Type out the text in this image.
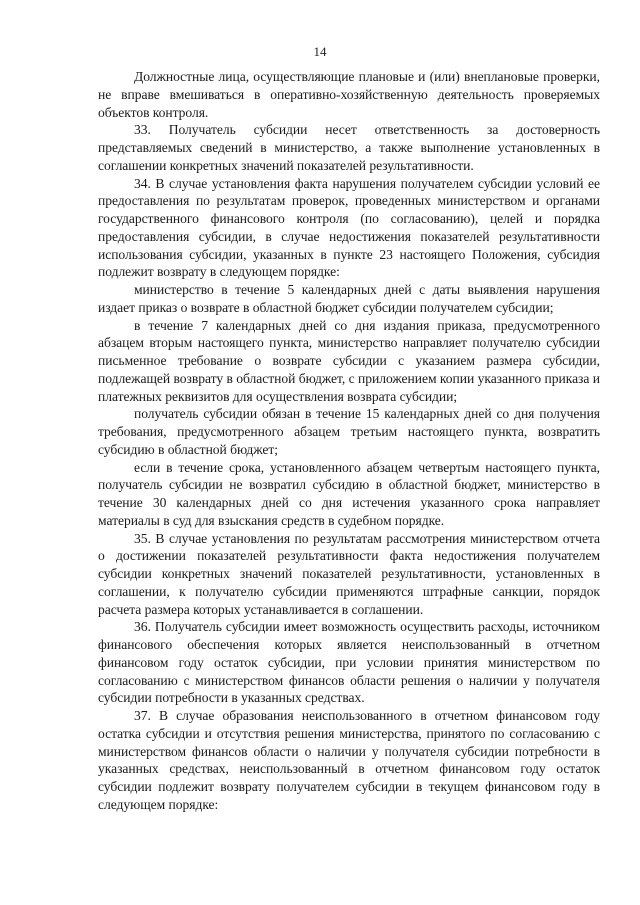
14

Должностные лица, осуществляющие плановые и (или) внеплановые проверки, не вправе вмешиваться в оперативно-хозяйственную деятельность проверяемых объектов контроля.

33. Получатель субсидии несет ответственность за достоверность представляемых сведений в министерство, а также выполнение установленных в соглашении конкретных значений показателей результативности.

34. В случае установления факта нарушения получателем субсидии условий ее предоставления по результатам проверок, проведенных министерством и органами государственного финансового контроля (по согласованию), целей и порядка предоставления субсидии, в случае недостижения показателей результативности использования субсидии, указанных в пункте 23 настоящего Положения, субсидия подлежит возврату в следующем порядке:

министерство в течение 5 календарных дней с даты выявления нарушения издает приказ о возврате в областной бюджет субсидии получателем субсидии;

в течение 7 календарных дней со дня издания приказа, предусмотренного абзацем вторым настоящего пункта, министерство направляет получателю субсидии письменное требование о возврате субсидии с указанием размера субсидии, подлежащей возврату в областной бюджет, с приложением копии указанного приказа и платежных реквизитов для осуществления возврата субсидии;

получатель субсидии обязан в течение 15 календарных дней со дня получения требования, предусмотренного абзацем третьим настоящего пункта, возвратить субсидию в областной бюджет;

если в течение срока, установленного абзацем четвертым настоящего пункта, получатель субсидии не возвратил субсидию в областной бюджет, министерство в течение 30 календарных дней со дня истечения указанного срока направляет материалы в суд для взыскания средств в судебном порядке.

35. В случае установления по результатам рассмотрения министерством отчета о достижении показателей результативности факта недостижения получателем субсидии конкретных значений показателей результативности, установленных в соглашении, к получателю субсидии применяются штрафные санкции, порядок расчета размера которых устанавливается в соглашении.

36. Получатель субсидии имеет возможность осуществить расходы, источником финансового обеспечения которых является неиспользованный в отчетном финансовом году остаток субсидии, при условии принятия министерством по согласованию с министерством финансов области решения о наличии у получателя субсидии потребности в указанных средствах.

37. В случае образования неиспользованного в отчетном финансовом году остатка субсидии и отсутствия решения министерства, принятого по согласованию с министерством финансов области о наличии у получателя субсидии потребности в указанных средствах, неиспользованный в отчетном финансовом году остаток субсидии подлежит возврату получателем субсидии в текущем финансовом году в следующем порядке:
